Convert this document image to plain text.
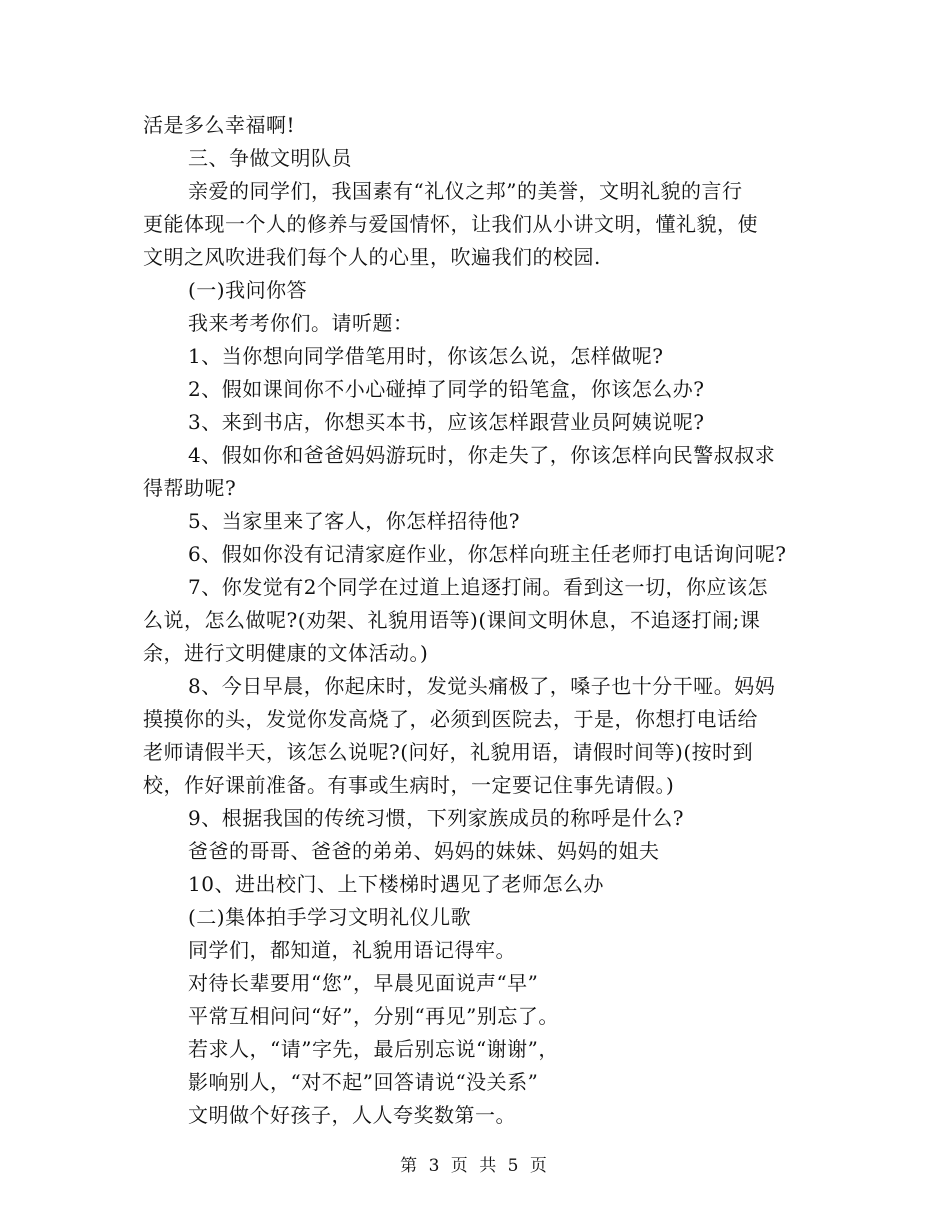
活是多么幸福啊!
三、争做文明队员
亲爱的同学们，我国素有“礼仪之邦”的美誉，文明礼貌的言行
更能体现一个人的修养与爱国情怀，让我们从小讲文明，懂礼貌，使
文明之风吹进我们每个人的心里，吹遍我们的校园.
(一)我问你答
我来考考你们。请听题：
1、当你想向同学借笔用时，你该怎么说，怎样做呢?
2、假如课间你不小心碰掉了同学的铅笔盒，你该怎么办?
3、来到书店，你想买本书，应该怎样跟营业员阿姨说呢?
4、假如你和爸爸妈妈游玩时，你走失了，你该怎样向民警叔叔求
得帮助呢?
5、当家里来了客人，你怎样招待他?
6、假如你没有记清家庭作业，你怎样向班主任老师打电话询问呢?
7、你发觉有2个同学在过道上追逐打闹。看到这一切，你应该怎
么说，怎么做呢?(劝架、礼貌用语等)(课间文明休息，不追逐打闹;课
余，进行文明健康的文体活动。)
8、今日早晨，你起床时，发觉头痛极了，嗓子也十分干哑。妈妈
摸摸你的头，发觉你发高烧了，必须到医院去，于是，你想打电话给
老师请假半天，该怎么说呢?(问好，礼貌用语，请假时间等)(按时到
校，作好课前准备。有事或生病时，一定要记住事先请假。)
9、根据我国的传统习惯，下列家族成员的称呼是什么?
爸爸的哥哥、爸爸的弟弟、妈妈的妹妹、妈妈的姐夫
10、进出校门、上下楼梯时遇见了老师怎么办
(二)集体拍手学习文明礼仪儿歌
同学们，都知道，礼貌用语记得牢。
对待长辈要用“您”，早晨见面说声“早”
平常互相问问“好”，分别“再见”别忘了。
若求人，“请”字先，最后别忘说“谢谢”，
影响别人，“对不起”回答请说“没关系”
文明做个好孩子，人人夸奖数第一。
第 3 页 共 5 页
